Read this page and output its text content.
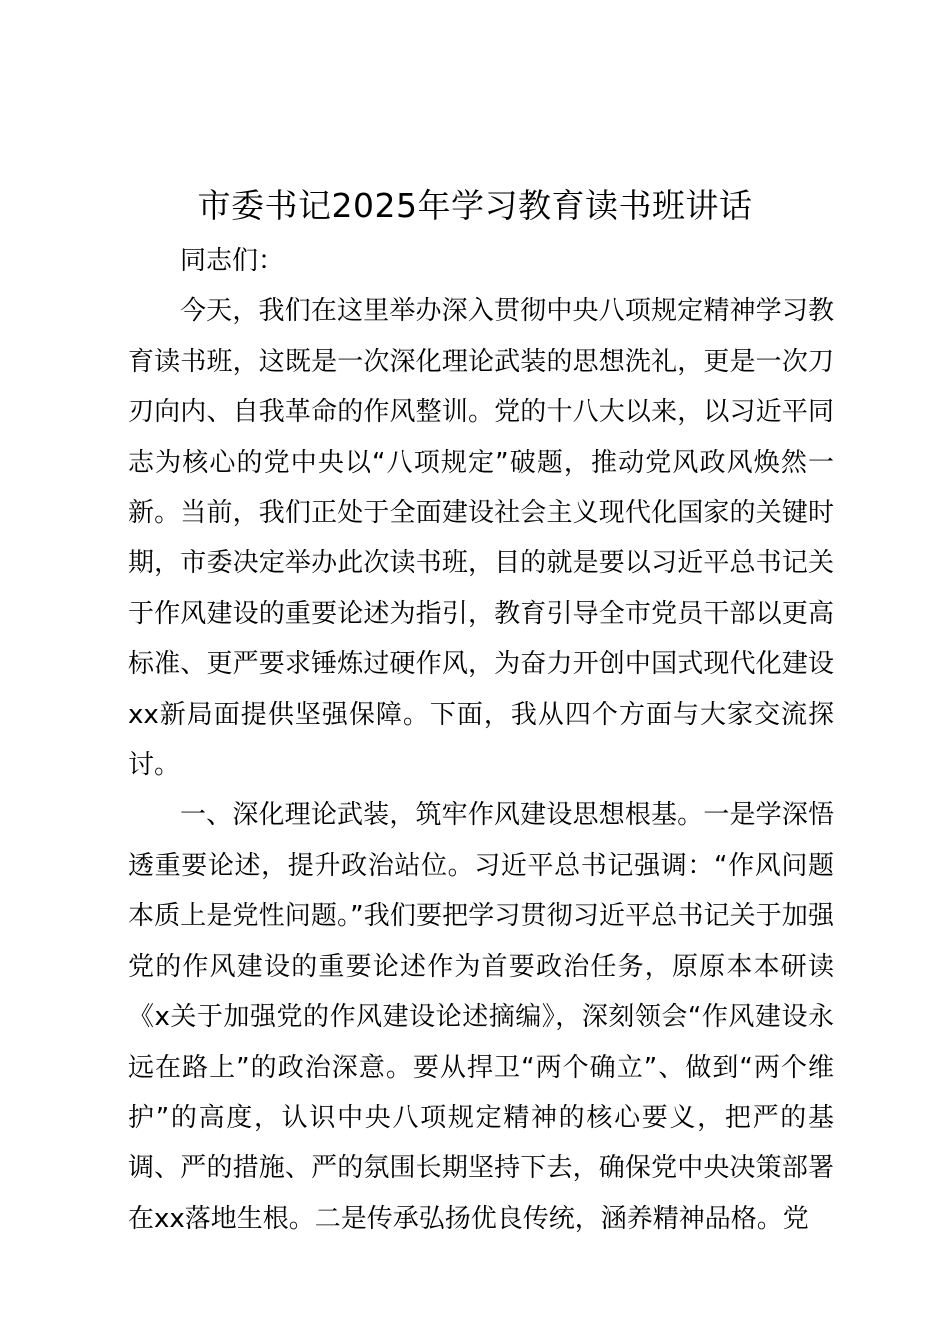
市委书记2025年学习教育读书班讲话

同志们：

今天，我们在这里举办深入贯彻中央八项规定精神学习教育读书班，这既是一次深化理论武装的思想洗礼，更是一次刀刃向内、自我革命的作风整训。党的十八大以来，以习近平同志为核心的党中央以“八项规定”破题，推动党风政风焕然一新。当前，我们正处于全面建设社会主义现代化国家的关键时期，市委决定举办此次读书班，目的就是要以习近平总书记关于作风建设的重要论述为指引，教育引导全市党员干部以更高标准、更严要求锤炼过硬作风，为奋力开创中国式现代化建设xx新局面提供坚强保障。下面，我从四个方面与大家交流探讨。

一、深化理论武装，筑牢作风建设思想根基。一是学深悟透重要论述，提升政治站位。习近平总书记强调：“作风问题本质上是党性问题。”我们要把学习贯彻习近平总书记关于加强党的作风建设的重要论述作为首要政治任务，原原本本研读《x关于加强党的作风建设论述摘编》，深刻领会“作风建设永远在路上”的政治深意。要从捍卫“两个确立”、做到“两个维护”的高度，认识中央八项规定精神的核心要义，把严的基调、严的措施、严的氛围长期坚持下去，确保党中央决策部署在xx落地生根。二是传承弘扬优良传统，涵养精神品格。党
